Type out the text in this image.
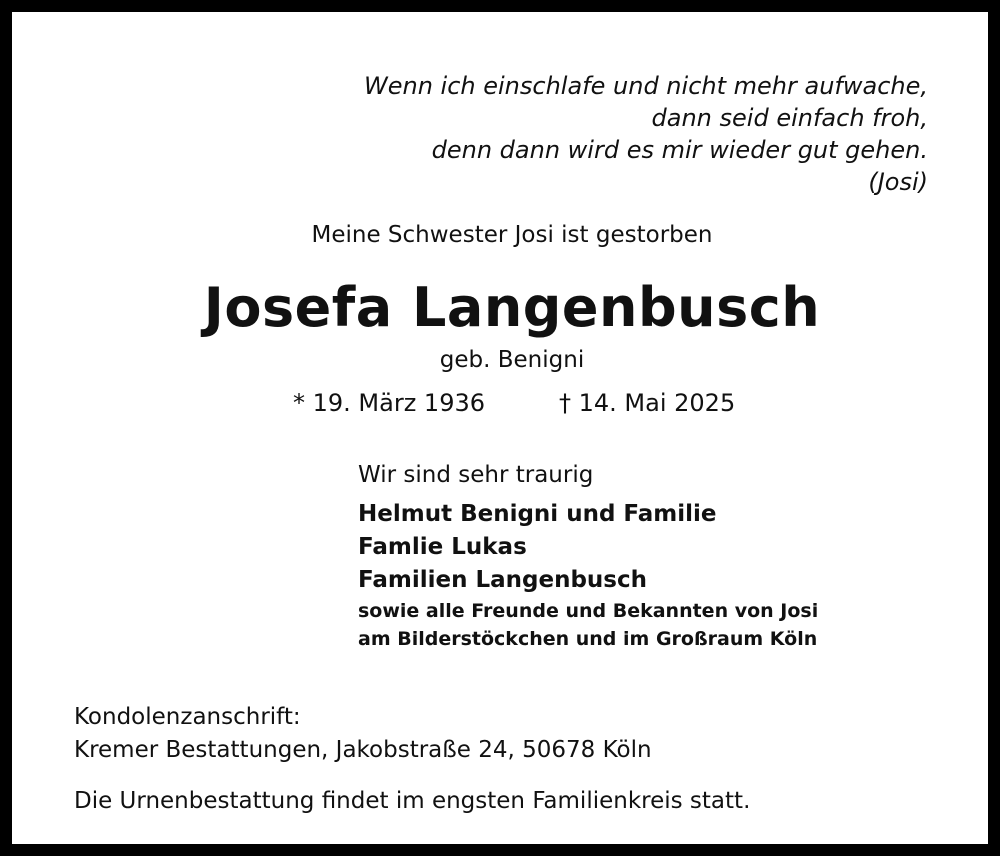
Wenn ich einschlafe und nicht mehr aufwache,
dann seid einfach froh,
denn dann wird es mir wieder gut gehen.
(Josi)
Meine Schwester Josi ist gestorben
Josefa Langenbusch
geb. Benigni
* 19. März 1936	† 14. Mai 2025
Wir sind sehr traurig
Helmut Benigni und Familie
Famlie Lukas
Familien Langenbusch
sowie alle Freunde und Bekannten von Josi
am Bilderstöckchen und im Großraum Köln
Kondolenzanschrift:
Kremer Bestattungen, Jakobstraße 24, 50678 Köln
Die Urnenbestattung findet im engsten Familienkreis statt.
